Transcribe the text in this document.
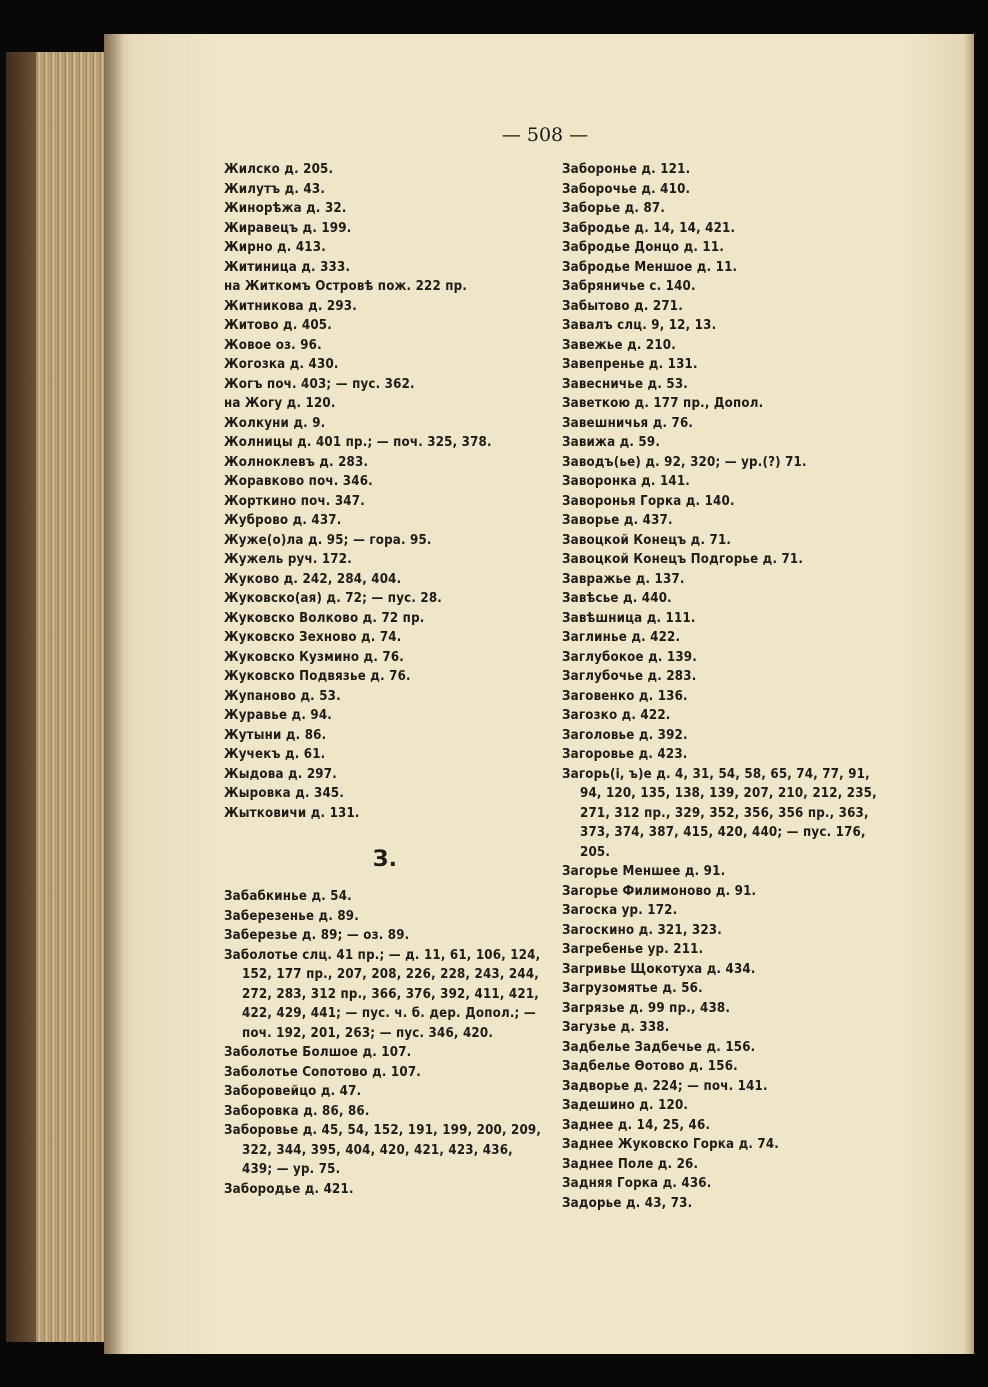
— 508 —
Жилско д. 205.
Жилутъ д. 43.
Жинорѣжа д. 32.
Жиравецъ д. 199.
Жирно д. 413.
Житиница д. 333.
на Житкомъ Островѣ пож. 222 пр.
Житникова д. 293.
Житово д. 405.
Жовое оз. 96.
Жогозка д. 430.
Жогъ поч. 403; — пус. 362.
на Жогу д. 120.
Жолкуни д. 9.
Жолницы д. 401 пр.; — поч. 325, 378.
Жолноклевъ д. 283.
Жоравково поч. 346.
Жорткино поч. 347.
Жуброво д. 437.
Жуже(о)ла д. 95; — гора. 95.
Жужель руч. 172.
Жуково д. 242, 284, 404.
Жуковско(ая) д. 72; — пус. 28.
Жуковско Волково д. 72 пр.
Жуковско Зехново д. 74.
Жуковско Кузмино д. 76.
Жуковско Подвязье д. 76.
Жупаново д. 53.
Журавье д. 94.
Жутыни д. 86.
Жучекъ д. 61.
Жыдова д. 297.
Жыровка д. 345.
Жытковичи д. 131.
З.
Забабкинье д. 54.
Заберезенье д. 89.
Заберезье д. 89; — оз. 89.
Заболотье слц. 41 пр.; — д. 11, 61, 106, 124, 152, 177 пр., 207, 208, 226, 228, 243, 244, 272, 283, 312 пр., 366, 376, 392, 411, 421, 422, 429, 441; — пус. ч. б. дер. Допол.; — поч. 192, 201, 263; — пус. 346, 420.
Заболотье Болшое д. 107.
Заболотье Сопотово д. 107.
Заборовейцо д. 47.
Заборовка д. 86, 86.
Заборовье д. 45, 54, 152, 191, 199, 200, 209, 322, 344, 395, 404, 420, 421, 423, 436, 439; — ур. 75.
Забородье д. 421.
Заборонье д. 121.
Заборочье д. 410.
Заборье д. 87.
Забродье д. 14, 14, 421.
Забродье Донцо д. 11.
Забродье Меншое д. 11.
Забряничье с. 140.
Забытово д. 271.
Завалъ слц. 9, 12, 13.
Завежье д. 210.
Завепренье д. 131.
Завесничье д. 53.
Заветкою д. 177 пр., Допол.
Завешничья д. 76.
Завижа д. 59.
Заводъ(ье) д. 92, 320; — ур.(?) 71.
Заворонка д. 141.
Заворонья Горка д. 140.
Заворье д. 437.
Завоцкой Конецъ д. 71.
Завоцкой Конецъ Подгорье д. 71.
Завражье д. 137.
Завѣсье д. 440.
Завѣшница д. 111.
Заглинье д. 422.
Заглубокое д. 139.
Заглубочье д. 283.
Заговенко д. 136.
Загозко д. 422.
Заголовье д. 392.
Загоровье д. 423.
Загорь(і, ъ)е д. 4, 31, 54, 58, 65, 74, 77, 91, 94, 120, 135, 138, 139, 207, 210, 212, 235, 271, 312 пр., 329, 352, 356, 356 пр., 363, 373, 374, 387, 415, 420, 440; — пус. 176, 205.
Загорье Меншее д. 91.
Загорье Филимоново д. 91.
Загоска ур. 172.
Загоскино д. 321, 323.
Загребенье ур. 211.
Загривье Щокотуха д. 434.
Загрузомятье д. 56.
Загрязье д. 99 пр., 438.
Загузье д. 338.
Задбелье Задбечье д. 156.
Задбелье Ѳотово д. 156.
Задворье д. 224; — поч. 141.
Задешино д. 120.
Заднее д. 14, 25, 46.
Заднее Жуковско Горка д. 74.
Заднее Поле д. 26.
Задняя Горка д. 436.
Задорье д. 43, 73.
